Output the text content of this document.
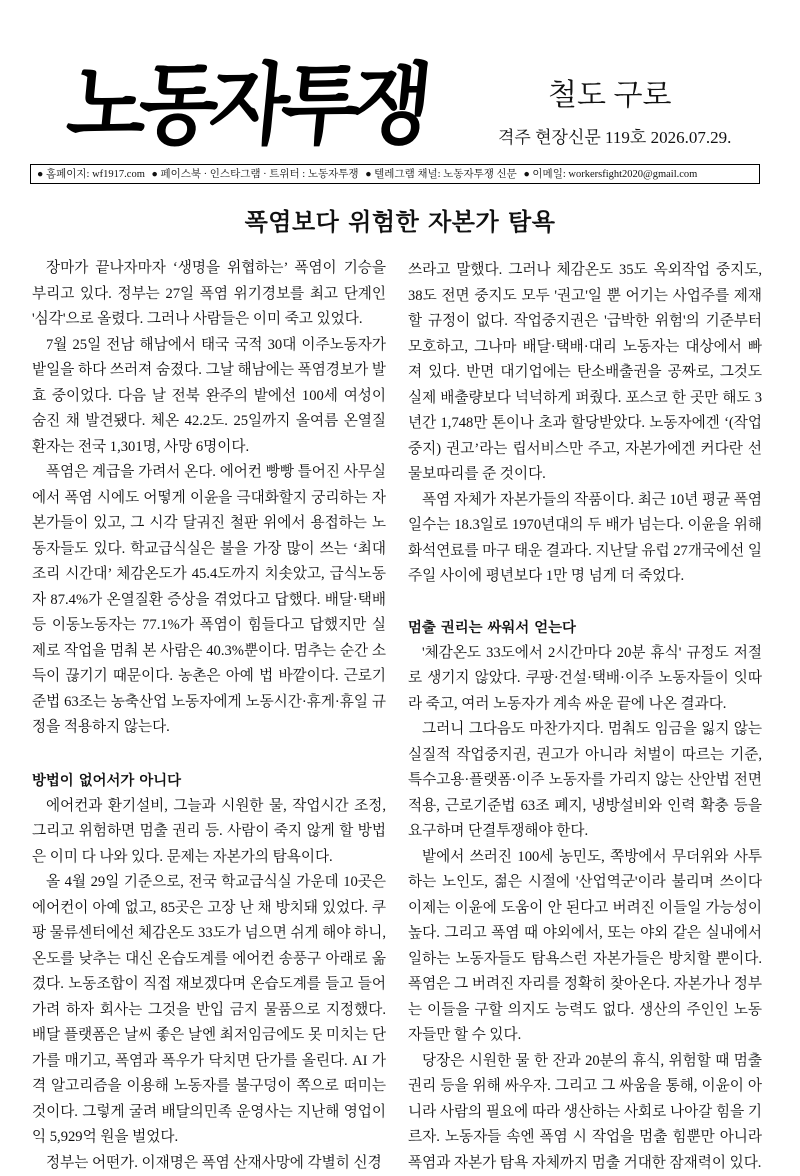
노동자투쟁	철도 구로
격주 현장신문 119호 2026.07.29.
● 홈페이지: wf1917.com ● 페이스북 · 인스타그램 · 트위터 : 노동자투쟁 ● 텔레그램 채널: 노동자투쟁 신문 ● 이메일: workersfight2020@gmail.com
폭염보다 위험한 자본가 탐욕

장마가 끝나자마자 ‘생명을 위협하는’ 폭염이 기승을 부리고 있다. 정부는 27일 폭염 위기경보를 최고 단계인 '심각'으로 올렸다. 그러나 사람들은 이미 죽고 있었다.

7월 25일 전남 해남에서 태국 국적 30대 이주노동자가 밭일을 하다 쓰러져 숨졌다. 그날 해남에는 폭염경보가 발효 중이었다. 다음 날 전북 완주의 밭에선 100세 여성이 숨진 채 발견됐다. 체온 42.2도. 25일까지 올여름 온열질환자는 전국 1,301명, 사망 6명이다.

폭염은 계급을 가려서 온다. 에어컨 빵빵 틀어진 사무실에서 폭염 시에도 어떻게 이윤을 극대화할지 궁리하는 자본가들이 있고, 그 시각 달궈진 철판 위에서 용접하는 노동자들도 있다. 학교급식실은 불을 가장 많이 쓰는 ‘최대 조리 시간대’ 체감온도가 45.4도까지 치솟았고, 급식노동자 87.4%가 온열질환 증상을 겪었다고 답했다. 배달·택배 등 이동노동자는 77.1%가 폭염이 힘들다고 답했지만 실제로 작업을 멈춰 본 사람은 40.3%뿐이다. 멈추는 순간 소득이 끊기기 때문이다. 농촌은 아예 법 바깥이다. 근로기준법 63조는 농축산업 노동자에게 노동시간·휴게·휴일 규정을 적용하지 않는다.

방법이 없어서가 아니다

에어컨과 환기설비, 그늘과 시원한 물, 작업시간 조정, 그리고 위험하면 멈출 권리 등. 사람이 죽지 않게 할 방법은 이미 다 나와 있다. 문제는 자본가의 탐욕이다.

올 4월 29일 기준으로, 전국 학교급식실 가운데 10곳은 에어컨이 아예 없고, 85곳은 고장 난 채 방치돼 있었다. 쿠팡 물류센터에선 체감온도 33도가 넘으면 쉬게 해야 하니, 온도를 낮추는 대신 온습도계를 에어컨 송풍구 아래로 옮겼다. 노동조합이 직접 재보겠다며 온습도계를 들고 들어가려 하자 회사는 그것을 반입 금지 물품으로 지정했다. 배달 플랫폼은 날씨 좋은 날엔 최저임금에도 못 미치는 단가를 매기고, 폭염과 폭우가 닥치면 단가를 올린다. AI 가격 알고리즘을 이용해 노동자를 불구덩이 쪽으로 떠미는 것이다. 그렇게 굴려 배달의민족 운영사는 지난해 영업이익 5,929억 원을 벌었다.

정부는 어떤가. 이재명은 폭염 산재사망에 각별히 신경

쓰라고 말했다. 그러나 체감온도 35도 옥외작업 중지도, 38도 전면 중지도 모두 '권고'일 뿐 어기는 사업주를 제재할 규정이 없다. 작업중지권은 '급박한 위험'의 기준부터 모호하고, 그나마 배달·택배·대리 노동자는 대상에서 빠져 있다. 반면 대기업에는 탄소배출권을 공짜로, 그것도 실제 배출량보다 넉넉하게 퍼줬다. 포스코 한 곳만 해도 3년간 1,748만 톤이나 초과 할당받았다. 노동자에겐 ‘(작업중지) 권고’라는 립서비스만 주고, 자본가에겐 커다란 선물보따리를 준 것이다.

폭염 자체가 자본가들의 작품이다. 최근 10년 평균 폭염일수는 18.3일로 1970년대의 두 배가 넘는다. 이윤을 위해 화석연료를 마구 태운 결과다. 지난달 유럽 27개국에선 일주일 사이에 평년보다 1만 명 넘게 더 죽었다.

멈출 권리는 싸워서 얻는다

'체감온도 33도에서 2시간마다 20분 휴식' 규정도 저절로 생기지 않았다. 쿠팡·건설·택배·이주 노동자들이 잇따라 죽고, 여러 노동자가 계속 싸운 끝에 나온 결과다.

그러니 그다음도 마찬가지다. 멈춰도 임금을 잃지 않는 실질적 작업중지권, 권고가 아니라 처벌이 따르는 기준, 특수고용·플랫폼·이주 노동자를 가리지 않는 산안법 전면 적용, 근로기준법 63조 폐지, 냉방설비와 인력 확충 등을 요구하며 단결투쟁해야 한다.

밭에서 쓰러진 100세 농민도, 쪽방에서 무더위와 사투하는 노인도, 젊은 시절에 '산업역군'이라 불리며 쓰이다 이제는 이윤에 도움이 안 된다고 버려진 이들일 가능성이 높다. 그리고 폭염 때 야외에서, 또는 야외 같은 실내에서 일하는 노동자들도 탐욕스런 자본가들은 방치할 뿐이다. 폭염은 그 버려진 자리를 정확히 찾아온다. 자본가나 정부는 이들을 구할 의지도 능력도 없다. 생산의 주인인 노동자들만 할 수 있다.

당장은 시원한 물 한 잔과 20분의 휴식, 위험할 때 멈출 권리 등을 위해 싸우자. 그리고 그 싸움을 통해, 이윤이 아니라 사람의 필요에 따라 생산하는 사회로 나아갈 힘을 기르자. 노동자들 속엔 폭염 시 작업을 멈출 힘뿐만 아니라 폭염과 자본가 탐욕 자체까지 멈출 거대한 잠재력이 있다.
